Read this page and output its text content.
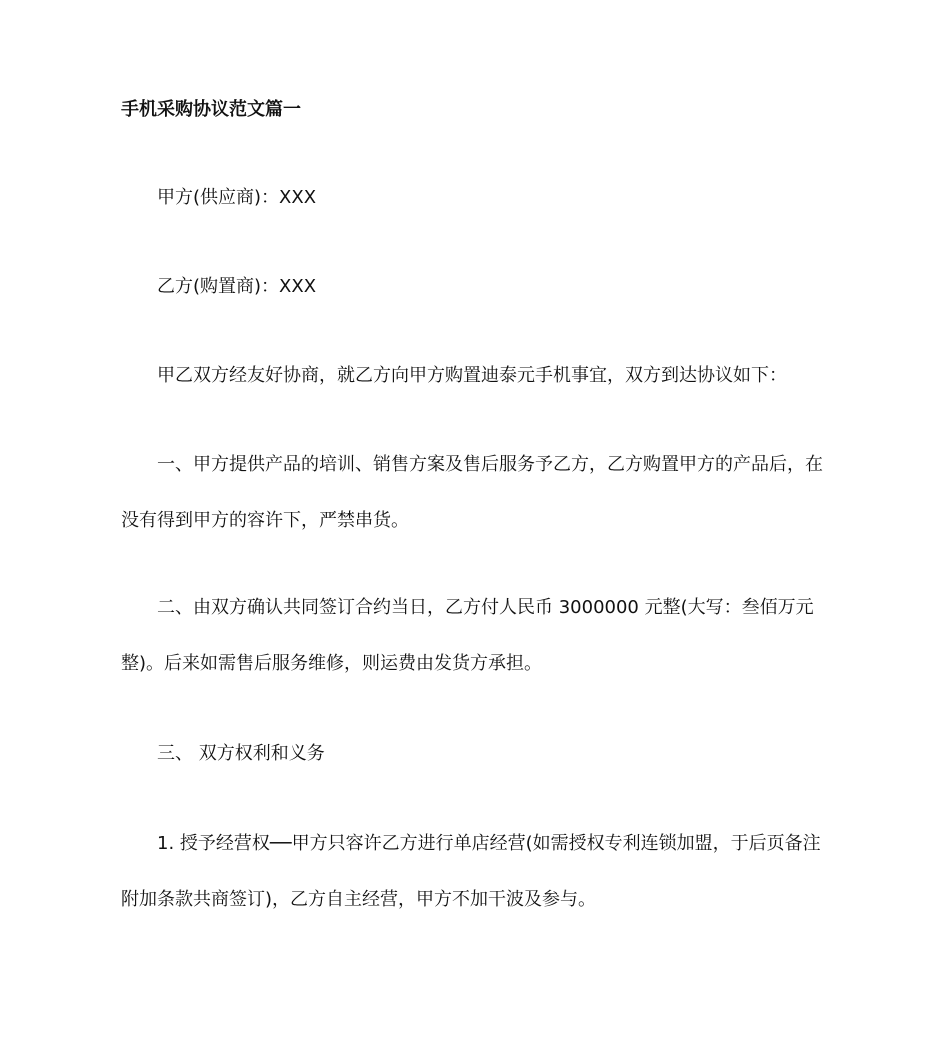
手机采购协议范文篇一

甲方(供应商)：XXX

乙方(购置商)：XXX

甲乙双方经友好协商，就乙方向甲方购置迪泰元手机事宜，双方到达协议如下：

一、甲方提供产品的培训、销售方案及售后服务予乙方，乙方购置甲方的产品后，在没有得到甲方的容许下，严禁串货。

二、由双方确认共同签订合约当日，乙方付人民币 3000000 元整(大写：叁佰万元整)。后来如需售后服务维修，则运费由发货方承担。

三、 双方权利和义务

1. 授予经营权──甲方只容许乙方进行单店经营(如需授权专利连锁加盟，于后页备注附加条款共商签订)，乙方自主经营，甲方不加干波及参与。
